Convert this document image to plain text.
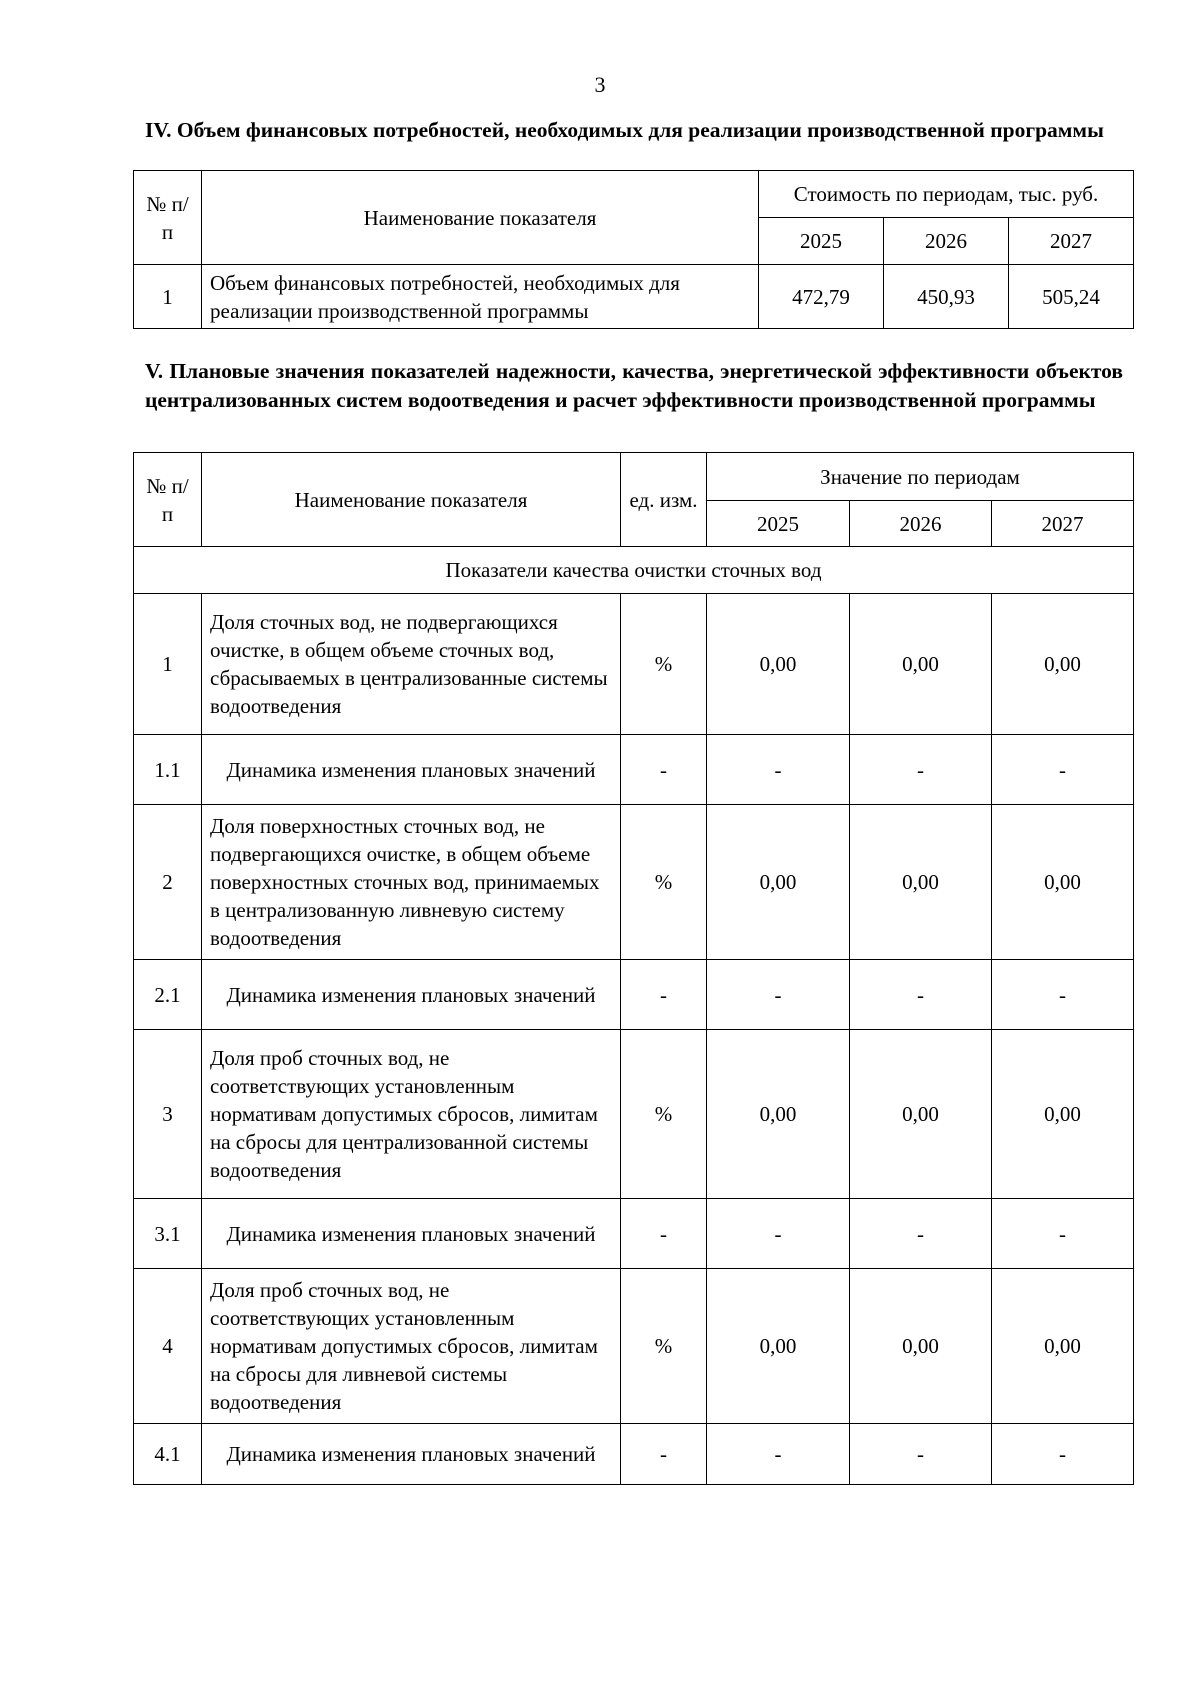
3
IV. Объем финансовых потребностей, необходимых для реализации производственной программы
№ п/п	Наименование показателя	Стоимость по периодам, тыс. руб.		
		2025	2026	2027
1	Объем финансовых потребностей, необходимых для реализации производственной программы	472,79	450,93	505,24
V. Плановые значения показателей надежности, качества, энергетической эффективности объектов централизованных систем водоотведения и расчет эффективности производственной программы
№ п/п	Наименование показателя	ед. изм.	Значение по периодам		
			2025	2026	2027
Показатели качества очистки сточных вод					
1	Доля сточных вод, не подвергающихся очистке, в общем объеме сточных вод, сбрасываемых в централизованные системы водоотведения	%	0,00	0,00	0,00
1.1	Динамика изменения плановых значений	-	-	-	-
2	Доля поверхностных сточных вод, не подвергающихся очистке, в общем объеме поверхностных сточных вод, принимаемых в централизованную ливневую систему водоотведения	%	0,00	0,00	0,00
2.1	Динамика изменения плановых значений	-	-	-	-
3	Доля проб сточных вод, не соответствующих установленным нормативам допустимых сбросов, лимитам на сбросы для централизованной системы водоотведения	%	0,00	0,00	0,00
3.1	Динамика изменения плановых значений	-	-	-	-
4	Доля проб сточных вод, не соответствующих установленным нормативам допустимых сбросов, лимитам на сбросы для ливневой системы водоотведения	%	0,00	0,00	0,00
4.1	Динамика изменения плановых значений	-	-	-	-
